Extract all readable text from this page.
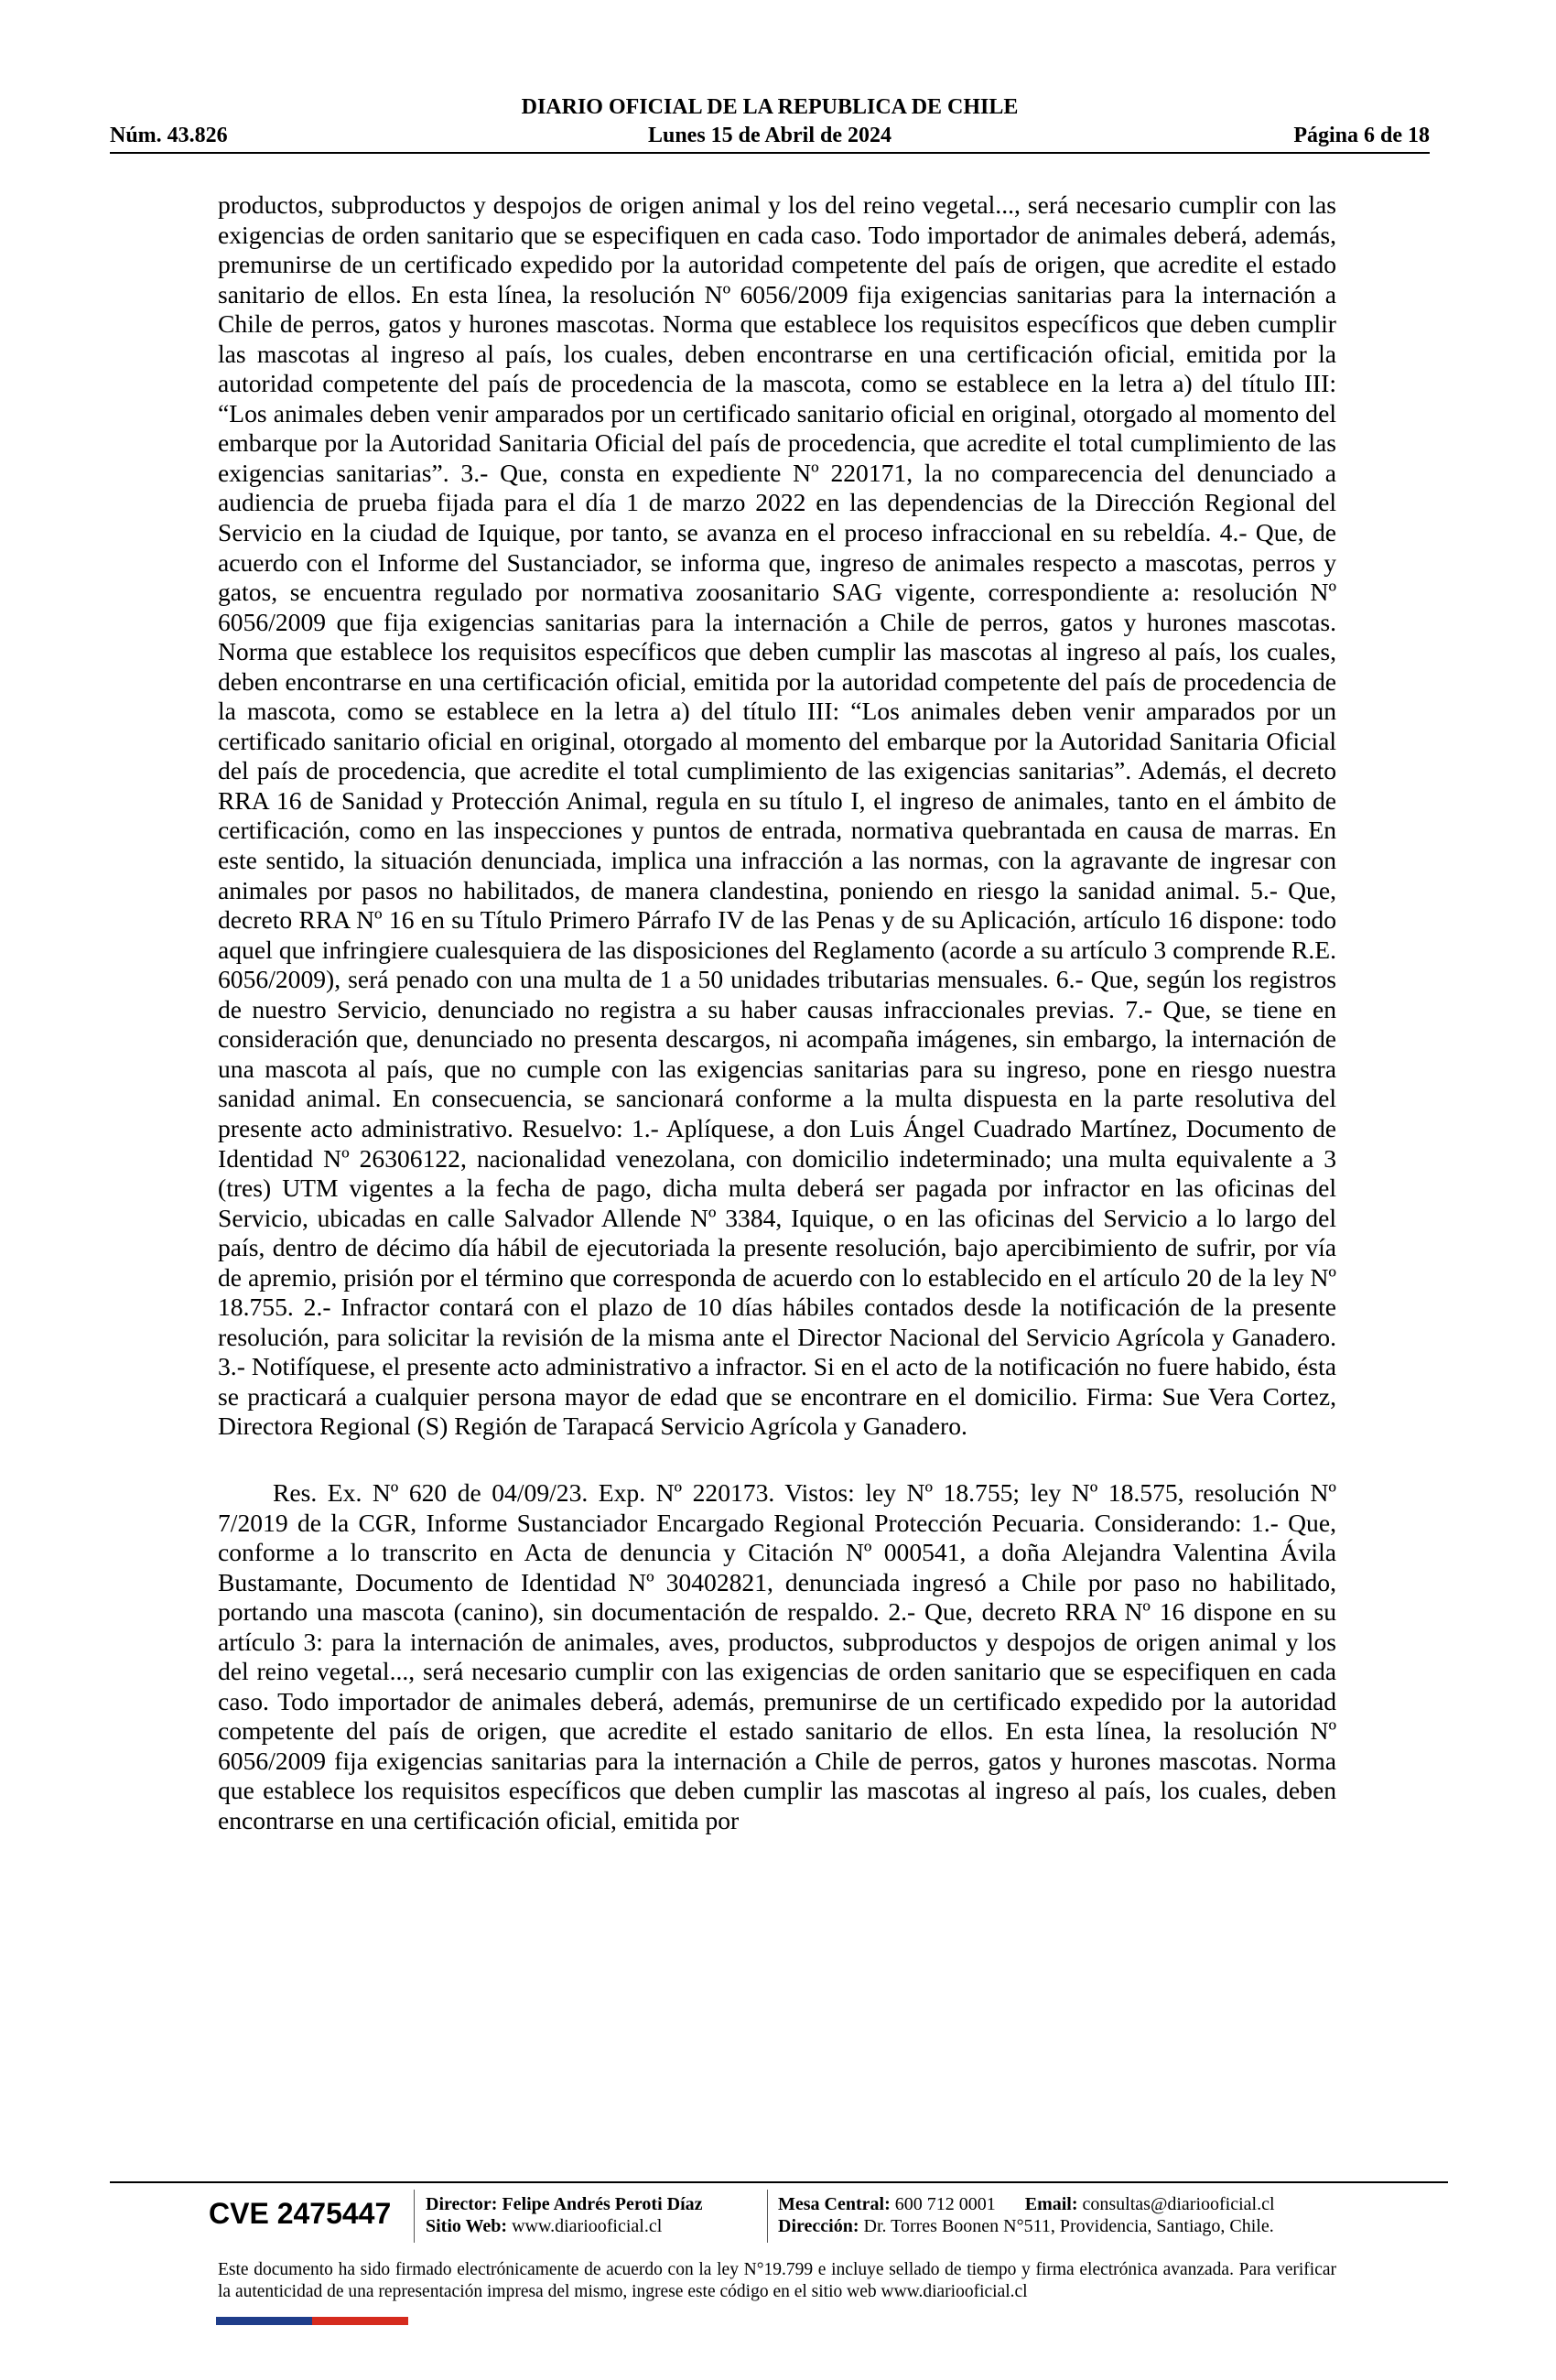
DIARIO OFICIAL DE LA REPUBLICA DE CHILE
Núm. 43.826	Lunes 15 de Abril de 2024	Página 6 de 18

productos, subproductos y despojos de origen animal y los del reino vegetal..., será necesario cumplir con las exigencias de orden sanitario que se especifiquen en cada caso. Todo importador de animales deberá, además, premunirse de un certificado expedido por la autoridad competente del país de origen, que acredite el estado sanitario de ellos. En esta línea, la resolución Nº 6056/2009 fija exigencias sanitarias para la internación a Chile de perros, gatos y hurones mascotas. Norma que establece los requisitos específicos que deben cumplir las mascotas al ingreso al país, los cuales, deben encontrarse en una certificación oficial, emitida por la autoridad competente del país de procedencia de la mascota, como se establece en la letra a) del título III: “Los animales deben venir amparados por un certificado sanitario oficial en original, otorgado al momento del embarque por la Autoridad Sanitaria Oficial del país de procedencia, que acredite el total cumplimiento de las exigencias sanitarias”. 3.- Que, consta en expediente Nº 220171, la no comparecencia del denunciado a audiencia de prueba fijada para el día 1 de marzo 2022 en las dependencias de la Dirección Regional del Servicio en la ciudad de Iquique, por tanto, se avanza en el proceso infraccional en su rebeldía. 4.- Que, de acuerdo con el Informe del Sustanciador, se informa que, ingreso de animales respecto a mascotas, perros y gatos, se encuentra regulado por normativa zoosanitario SAG vigente, correspondiente a: resolución Nº 6056/2009 que fija exigencias sanitarias para la internación a Chile de perros, gatos y hurones mascotas. Norma que establece los requisitos específicos que deben cumplir las mascotas al ingreso al país, los cuales, deben encontrarse en una certificación oficial, emitida por la autoridad competente del país de procedencia de la mascota, como se establece en la letra a) del título III: “Los animales deben venir amparados por un certificado sanitario oficial en original, otorgado al momento del embarque por la Autoridad Sanitaria Oficial del país de procedencia, que acredite el total cumplimiento de las exigencias sanitarias”. Además, el decreto RRA 16 de Sanidad y Protección Animal, regula en su título I, el ingreso de animales, tanto en el ámbito de certificación, como en las inspecciones y puntos de entrada, normativa quebrantada en causa de marras. En este sentido, la situación denunciada, implica una infracción a las normas, con la agravante de ingresar con animales por pasos no habilitados, de manera clandestina, poniendo en riesgo la sanidad animal. 5.- Que, decreto RRA Nº 16 en su Título Primero Párrafo IV de las Penas y de su Aplicación, artículo 16 dispone: todo aquel que infringiere cualesquiera de las disposiciones del Reglamento (acorde a su artículo 3 comprende R.E. 6056/2009), será penado con una multa de 1 a 50 unidades tributarias mensuales. 6.- Que, según los registros de nuestro Servicio, denunciado no registra a su haber causas infraccionales previas. 7.- Que, se tiene en consideración que, denunciado no presenta descargos, ni acompaña imágenes, sin embargo, la internación de una mascota al país, que no cumple con las exigencias sanitarias para su ingreso, pone en riesgo nuestra sanidad animal. En consecuencia, se sancionará conforme a la multa dispuesta en la parte resolutiva del presente acto administrativo. Resuelvo: 1.- Aplíquese, a don Luis Ángel Cuadrado Martínez, Documento de Identidad Nº 26306122, nacionalidad venezolana, con domicilio indeterminado; una multa equivalente a 3 (tres) UTM vigentes a la fecha de pago, dicha multa deberá ser pagada por infractor en las oficinas del Servicio, ubicadas en calle Salvador Allende Nº 3384, Iquique, o en las oficinas del Servicio a lo largo del país, dentro de décimo día hábil de ejecutoriada la presente resolución, bajo apercibimiento de sufrir, por vía de apremio, prisión por el término que corresponda de acuerdo con lo establecido en el artículo 20 de la ley Nº 18.755. 2.- Infractor contará con el plazo de 10 días hábiles contados desde la notificación de la presente resolución, para solicitar la revisión de la misma ante el Director Nacional del Servicio Agrícola y Ganadero. 3.- Notifíquese, el presente acto administrativo a infractor. Si en el acto de la notificación no fuere habido, ésta se practicará a cualquier persona mayor de edad que se encontrare en el domicilio. Firma: Sue Vera Cortez, Directora Regional (S) Región de Tarapacá Servicio Agrícola y Ganadero.

Res. Ex. Nº 620 de 04/09/23. Exp. Nº 220173. Vistos: ley Nº 18.755; ley Nº 18.575, resolución Nº 7/2019 de la CGR, Informe Sustanciador Encargado Regional Protección Pecuaria. Considerando: 1.- Que, conforme a lo transcrito en Acta de denuncia y Citación Nº 000541, a doña Alejandra Valentina Ávila Bustamante, Documento de Identidad Nº 30402821, denunciada ingresó a Chile por paso no habilitado, portando una mascota (canino), sin documentación de respaldo. 2.- Que, decreto RRA Nº 16 dispone en su artículo 3: para la internación de animales, aves, productos, subproductos y despojos de origen animal y los del reino vegetal..., será necesario cumplir con las exigencias de orden sanitario que se especifiquen en cada caso. Todo importador de animales deberá, además, premunirse de un certificado expedido por la autoridad competente del país de origen, que acredite el estado sanitario de ellos. En esta línea, la resolución Nº 6056/2009 fija exigencias sanitarias para la internación a Chile de perros, gatos y hurones mascotas. Norma que establece los requisitos específicos que deben cumplir las mascotas al ingreso al país, los cuales, deben encontrarse en una certificación oficial, emitida por

CVE 2475447	Director: Felipe Andrés Peroti Díaz
Sitio Web: www.diariooficial.cl
Mesa Central: 600 712 0001 Email: consultas@diariooficial.cl
Dirección: Dr. Torres Boonen N°511, Providencia, Santiago, Chile.
Este documento ha sido firmado electrónicamente de acuerdo con la ley N°19.799 e incluye sellado de tiempo y firma electrónica avanzada. Para verificar la autenticidad de una representación impresa del mismo, ingrese este código en el sitio web www.diariooficial.cl
